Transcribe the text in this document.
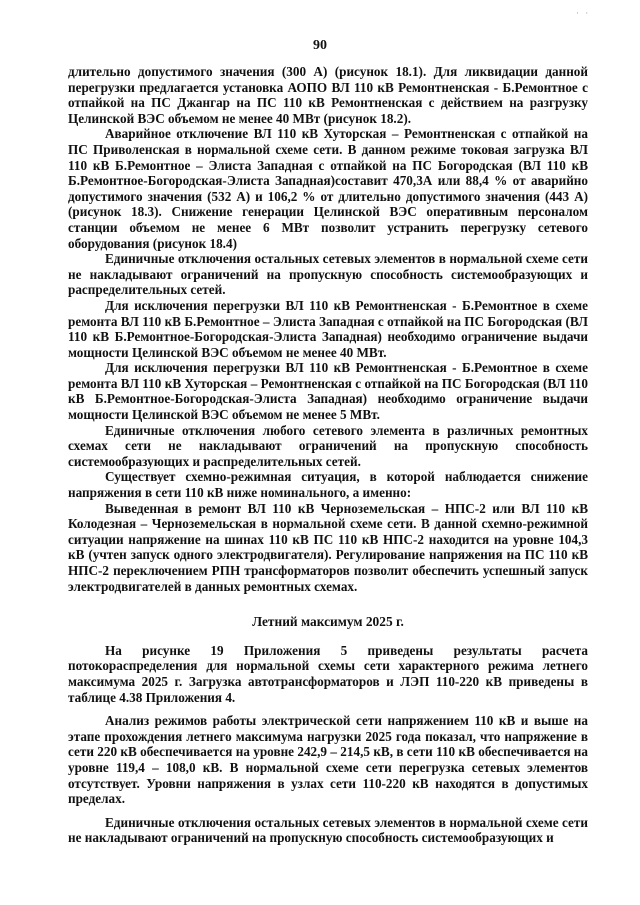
· ·
90

длительно допустимого значения (300 А) (рисунок 18.1). Для ликвидации данной перегрузки предлагается установка АОПО ВЛ 110 кВ Ремонтненская - Б.Ремонтное с отпайкой на ПС Джангар на ПС 110 кВ Ремонтненская с действием на разгрузку Целинской ВЭС объемом не менее 40 МВт (рисунок 18.2).

Аварийное отключение ВЛ 110 кВ Хуторская – Ремонтненская с отпайкой на ПС Приволенская в нормальной схеме сети. В данном режиме токовая загрузка ВЛ 110 кВ Б.Ремонтное – Элиста Западная с отпайкой на ПС Богородская (ВЛ 110 кВ Б.Ремонтное-Богородская-Элиста Западная)составит 470,3А или 88,4 % от аварийно допустимого значения (532 А) и 106,2 % от длительно допустимого значения (443 А) (рисунок 18.3). Снижение генерации Целинской ВЭС оперативным персоналом станции объемом не менее 6 МВт позволит устранить перегрузку сетевого оборудования (рисунок 18.4)

Единичные отключения остальных сетевых элементов в нормальной схеме сети не накладывают ограничений на пропускную способность системообразующих и распределительных сетей.

Для исключения перегрузки ВЛ 110 кВ Ремонтненская - Б.Ремонтное в схеме ремонта ВЛ 110 кВ Б.Ремонтное – Элиста Западная с отпайкой на ПС Богородская (ВЛ 110 кВ Б.Ремонтное-Богородская-Элиста Западная) необходимо ограничение выдачи мощности Целинской ВЭС объемом не менее 40 МВт.

Для исключения перегрузки ВЛ 110 кВ Ремонтненская - Б.Ремонтное в схеме ремонта ВЛ 110 кВ Хуторская – Ремонтненская с отпайкой на ПС Богородская (ВЛ 110 кВ Б.Ремонтное-Богородская-Элиста Западная) необходимо ограничение выдачи мощности Целинской ВЭС объемом не менее 5 МВт.

Единичные отключения любого сетевого элемента в различных ремонтных схемах сети не накладывают ограничений на пропускную способность системообразующих и распределительных сетей.

Существует схемно-режимная ситуация, в которой наблюдается снижение напряжения в сети 110 кВ ниже номинального, а именно:

Выведенная в ремонт ВЛ 110 кВ Черноземельская – НПС-2 или ВЛ 110 кВ Колодезная – Черноземельская в нормальной схеме сети. В данной схемно-режимной ситуации напряжение на шинах 110 кВ ПС 110 кВ НПС-2 находится на уровне 104,3 кВ (учтен запуск одного электродвигателя). Регулирование напряжения на ПС 110 кВ НПС-2 переключением РПН трансформаторов позволит обеспечить успешный запуск электродвигателей в данных ремонтных схемах.

Летний максимум 2025 г.

На рисунке 19 Приложения 5 приведены результаты расчета потокораспределения для нормальной схемы сети характерного режима летнего максимума 2025 г. Загрузка автотрансформаторов и ЛЭП 110-220 кВ приведены в таблице 4.38 Приложения 4.

Анализ режимов работы электрической сети напряжением 110 кВ и выше на этапе прохождения летнего максимума нагрузки 2025 года показал, что напряжение в сети 220 кВ обеспечивается на уровне 242,9 – 214,5 кВ, в сети 110 кВ обеспечивается на уровне 119,4 – 108,0 кВ. В нормальной схеме сети перегрузка сетевых элементов отсутствует. Уровни напряжения в узлах сети 110-220 кВ находятся в допустимых пределах.

Единичные отключения остальных сетевых элементов в нормальной схеме сети не накладывают ограничений на пропускную способность системообразующих и
